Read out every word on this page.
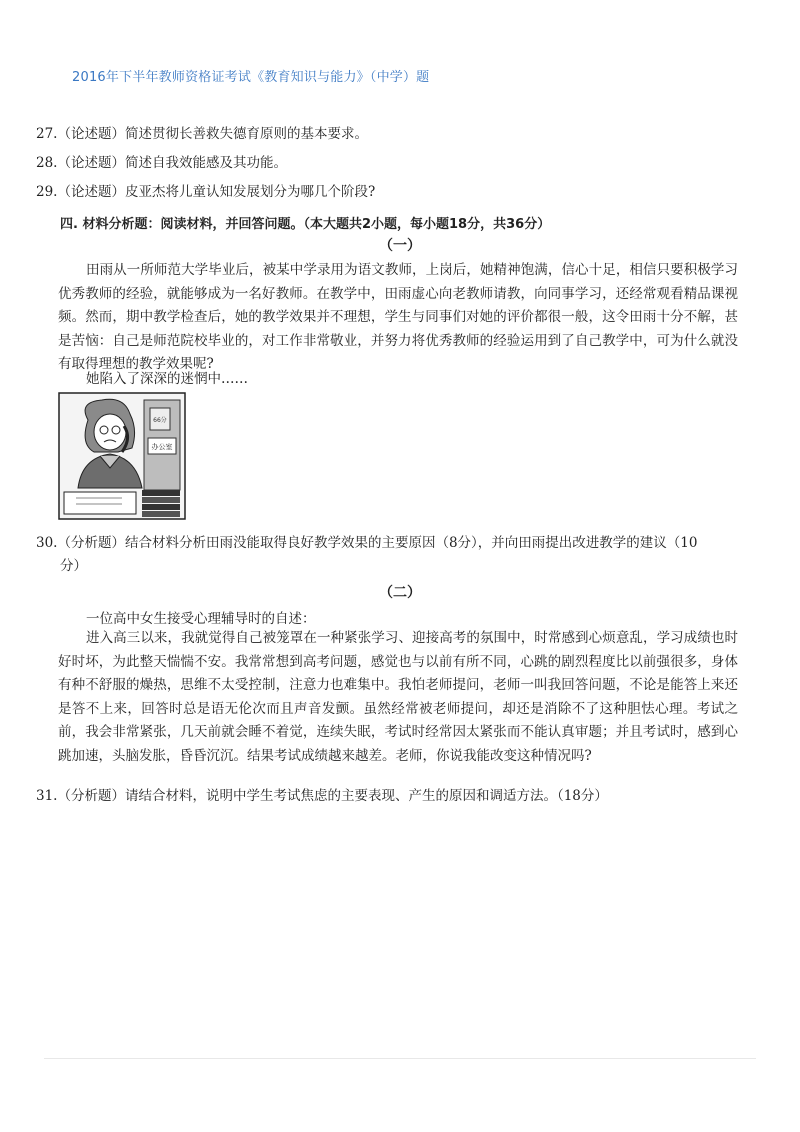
2016年下半年教师资格证考试《教育知识与能力》（中学）题
27.（论述题）简述贯彻长善救失德育原则的基本要求。
28.（论述题）简述自我效能感及其功能。
29.（论述题）皮亚杰将儿童认知发展划分为哪几个阶段?
四. 材料分析题：阅读材料，并回答问题。（本大题共2小题，每小题18分，共36分）
（一）
田雨从一所师范大学毕业后，被某中学录用为语文教师，上岗后，她精神饱满，信心十足，相信只要积极学习优秀教师的经验，就能够成为一名好教师。在教学中，田雨虚心向老教师请教，向同事学习，还经常观看精品课视频。然而，期中教学检查后，她的教学效果并不理想，学生与同事们对她的评价都很一般，这令田雨十分不解，甚是苦恼：自己是师范院校毕业的，对工作非常敬业，并努力将优秀教师的经验运用到了自己教学中，可为什么就没有取得理想的教学效果呢?
她陷入了深深的迷惘中……
66分
办公室
30.（分析题）结合材料分析田雨没能取得良好教学效果的主要原因（8分），并向田雨提出改进教学的建议（10
分）
（二）
一位高中女生接受心理辅导时的自述：
进入高三以来，我就觉得自己被笼罩在一种紧张学习、迎接高考的氛围中，时常感到心烦意乱，学习成绩也时好时坏，为此整天惴惴不安。我常常想到高考问题，感觉也与以前有所不同，心跳的剧烈程度比以前强很多，身体有种不舒服的燥热，思维不太受控制，注意力也难集中。我怕老师提问，老师一叫我回答问题，不论是能答上来还是答不上来，回答时总是语无伦次而且声音发颤。虽然经常被老师提问，却还是消除不了这种胆怯心理。考试之前，我会非常紧张，几天前就会睡不着觉，连续失眠，考试时经常因太紧张而不能认真审题；并且考试时，感到心跳加速，头脑发胀，昏昏沉沉。结果考试成绩越来越差。老师，你说我能改变这种情况吗?
31.（分析题）请结合材料，说明中学生考试焦虑的主要表现、产生的原因和调适方法。（18分）
